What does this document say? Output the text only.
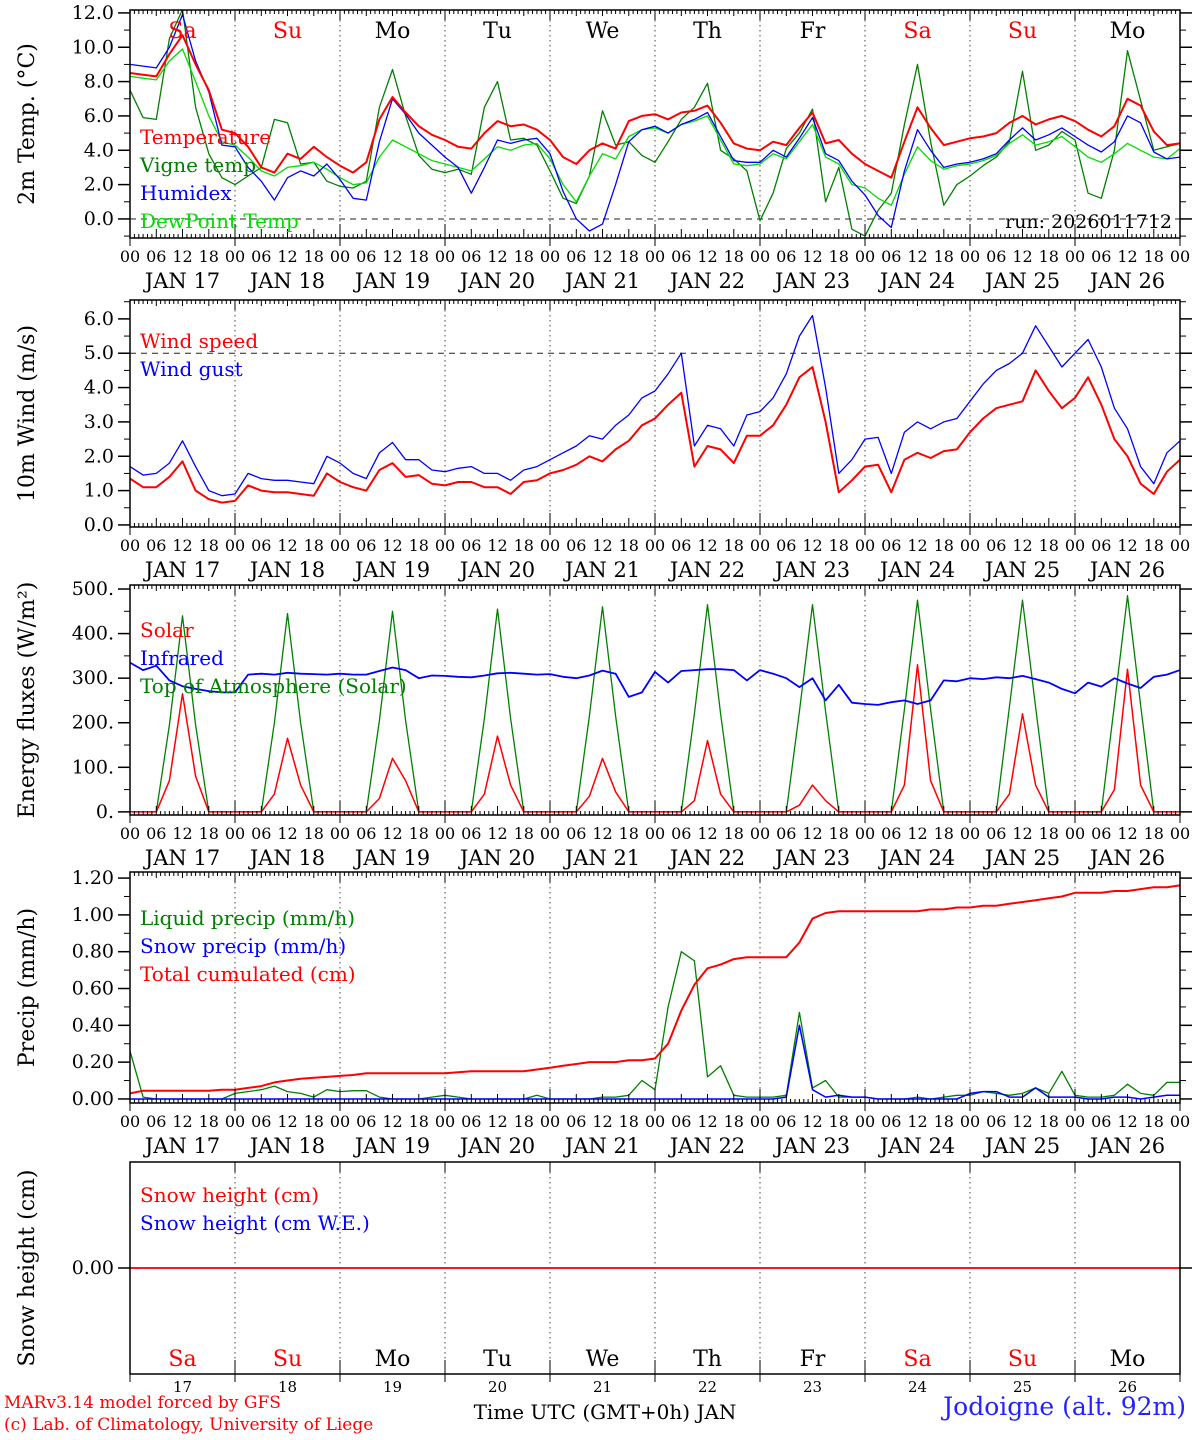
0.0
2.0
4.0
6.0
8.0
10.0
12.0
2m Temp. (°C)	Temperature
Vigne temp
Humidex
DewPoint Temp
0.0
1.0
2.0
3.0
4.0
5.0
6.0
10m Wind (m/s)	Wind speed
Wind gust
0.
100.
200.
300.
400.
500.
Energy fluxes (W/m²)	Solar
Infrared
Top of Atmosphere (Solar)
0.00
0.20
0.40
0.60
0.80
1.00
1.20
Precip (mm/h)	Liquid precip (mm/h)
Snow precip (mm/h)
Total cumulated (cm)
0.00
Snow height (cm)	Snow height (cm)
Snow height (cm W.E.)
00 06 12 18 00 06 12 18 00 06 12 18 00 06 12 18 00 06 12 18 00 06 12 18 00 06 12 18 00 06 12 18 00 06 12 18 00 06 12 18 00
JAN 17 JAN 18 JAN 19 JAN 20 JAN 21 JAN 22 JAN 23 JAN 24 JAN 25 JAN 26
00 06 12 18 00 06 12 18 00 06 12 18 00 06 12 18 00 06 12 18 00 06 12 18 00 06 12 18 00 06 12 18 00 06 12 18 00 06 12 18 00
JAN 17 JAN 18 JAN 19 JAN 20 JAN 21 JAN 22 JAN 23 JAN 24 JAN 25 JAN 26
00 06 12 18 00 06 12 18 00 06 12 18 00 06 12 18 00 06 12 18 00 06 12 18 00 06 12 18 00 06 12 18 00 06 12 18 00 06 12 18 00
JAN 17 JAN 18 JAN 19 JAN 20 JAN 21 JAN 22 JAN 23 JAN 24 JAN 25 JAN 26
00 06 12 18 00 06 12 18 00 06 12 18 00 06 12 18 00 06 12 18 00 06 12 18 00 06 12 18 00 06 12 18 00 06 12 18 00 06 12 18 00
JAN 17 JAN 18 JAN 19 JAN 20 JAN 21 JAN 22 JAN 23 JAN 24 JAN 25 JAN 26
Sa
Sa
17
Su
Su
18
Mo
Mo
19
Tu
Tu
20
We
We
21
Th
Th
22
Fr
Fr
23
Sa
Sa
24
Su
Su
25
Mo
Mo
26
run: 2026011712
MARv3.14 model forced by GFS
(c) Lab. of Climatology, University of Liege
Time UTC (GMT+0h) JAN	Jodoigne (alt. 92m)
